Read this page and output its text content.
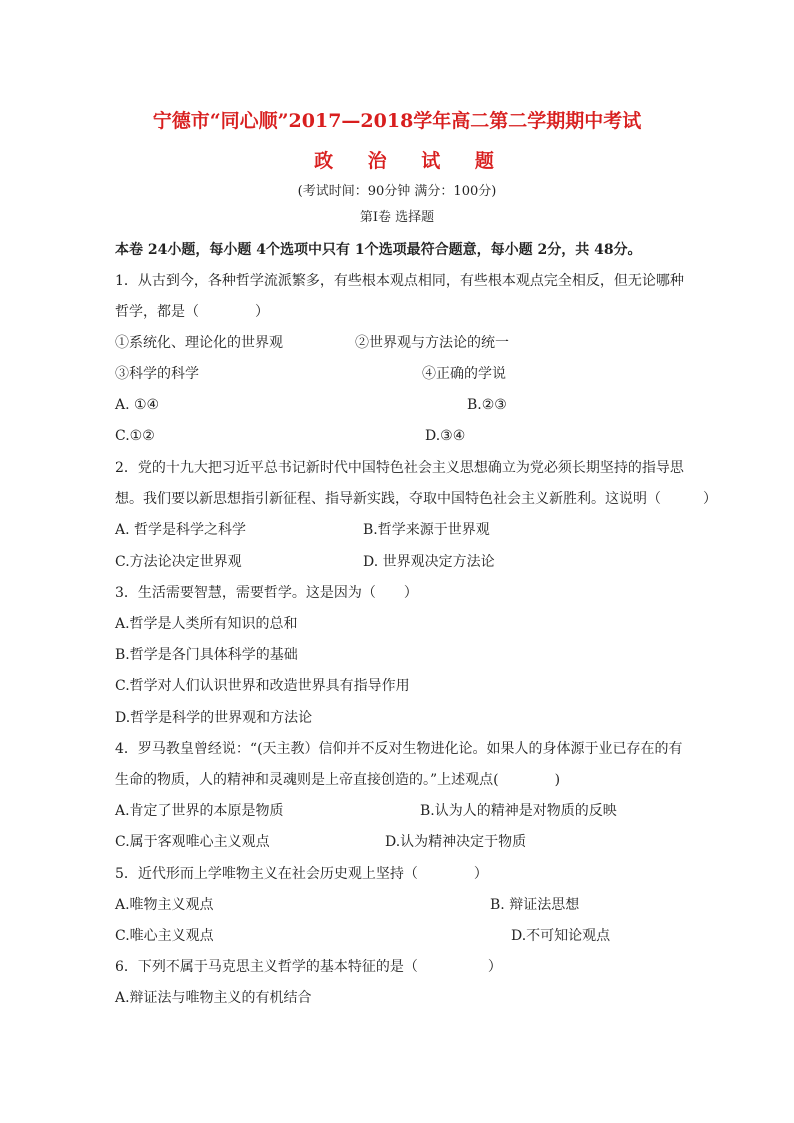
宁德市“同心顺”2017—2018学年高二第二学期期中考试
政 治 试 题
(考试时间：90分钟 满分：100分)
第Ⅰ卷 选择题
本卷 24小题，每小题 4个选项中只有 1个选项最符合题意，每小题 2分，共 48分。
1．从古到今，各种哲学流派繁多，有些根本观点相同，有些根本观点完全相反，但无论哪种
哲学，都是（　　　　）
①系统化、理论化的世界观	②世界观与方法论的统一
③科学的科学	④正确的学说
A. ①④	B.②③
C.①②	D.③④
2．党的十九大把习近平总书记新时代中国特色社会主义思想确立为党必须长期坚持的指导思
想。我们要以新思想指引新征程、指导新实践，夺取中国特色社会主义新胜利。这说明（　　　）
A. 哲学是科学之科学	B.哲学来源于世界观
C.方法论决定世界观	D. 世界观决定方法论
3．生活需要智慧，需要哲学。这是因为（　　）
A.哲学是人类所有知识的总和
B.哲学是各门具体科学的基础
C.哲学对人们认识世界和改造世界具有指导作用
D.哲学是科学的世界观和方法论
4．罗马教皇曾经说：“(天主教）信仰并不反对生物进化论。如果人的身体源于业已存在的有
生命的物质，人的精神和灵魂则是上帝直接创造的。”上述观点(　　　　)
A.肯定了世界的本原是物质	B.认为人的精神是对物质的反映
C.属于客观唯心主义观点	D.认为精神决定于物质
5．近代形而上学唯物主义在社会历史观上坚持（　　　　）
A.唯物主义观点	B. 辩证法思想
C.唯心主义观点	D.不可知论观点
6．下列不属于马克思主义哲学的基本特征的是（　　　　　）
A.辩证法与唯物主义的有机结合
